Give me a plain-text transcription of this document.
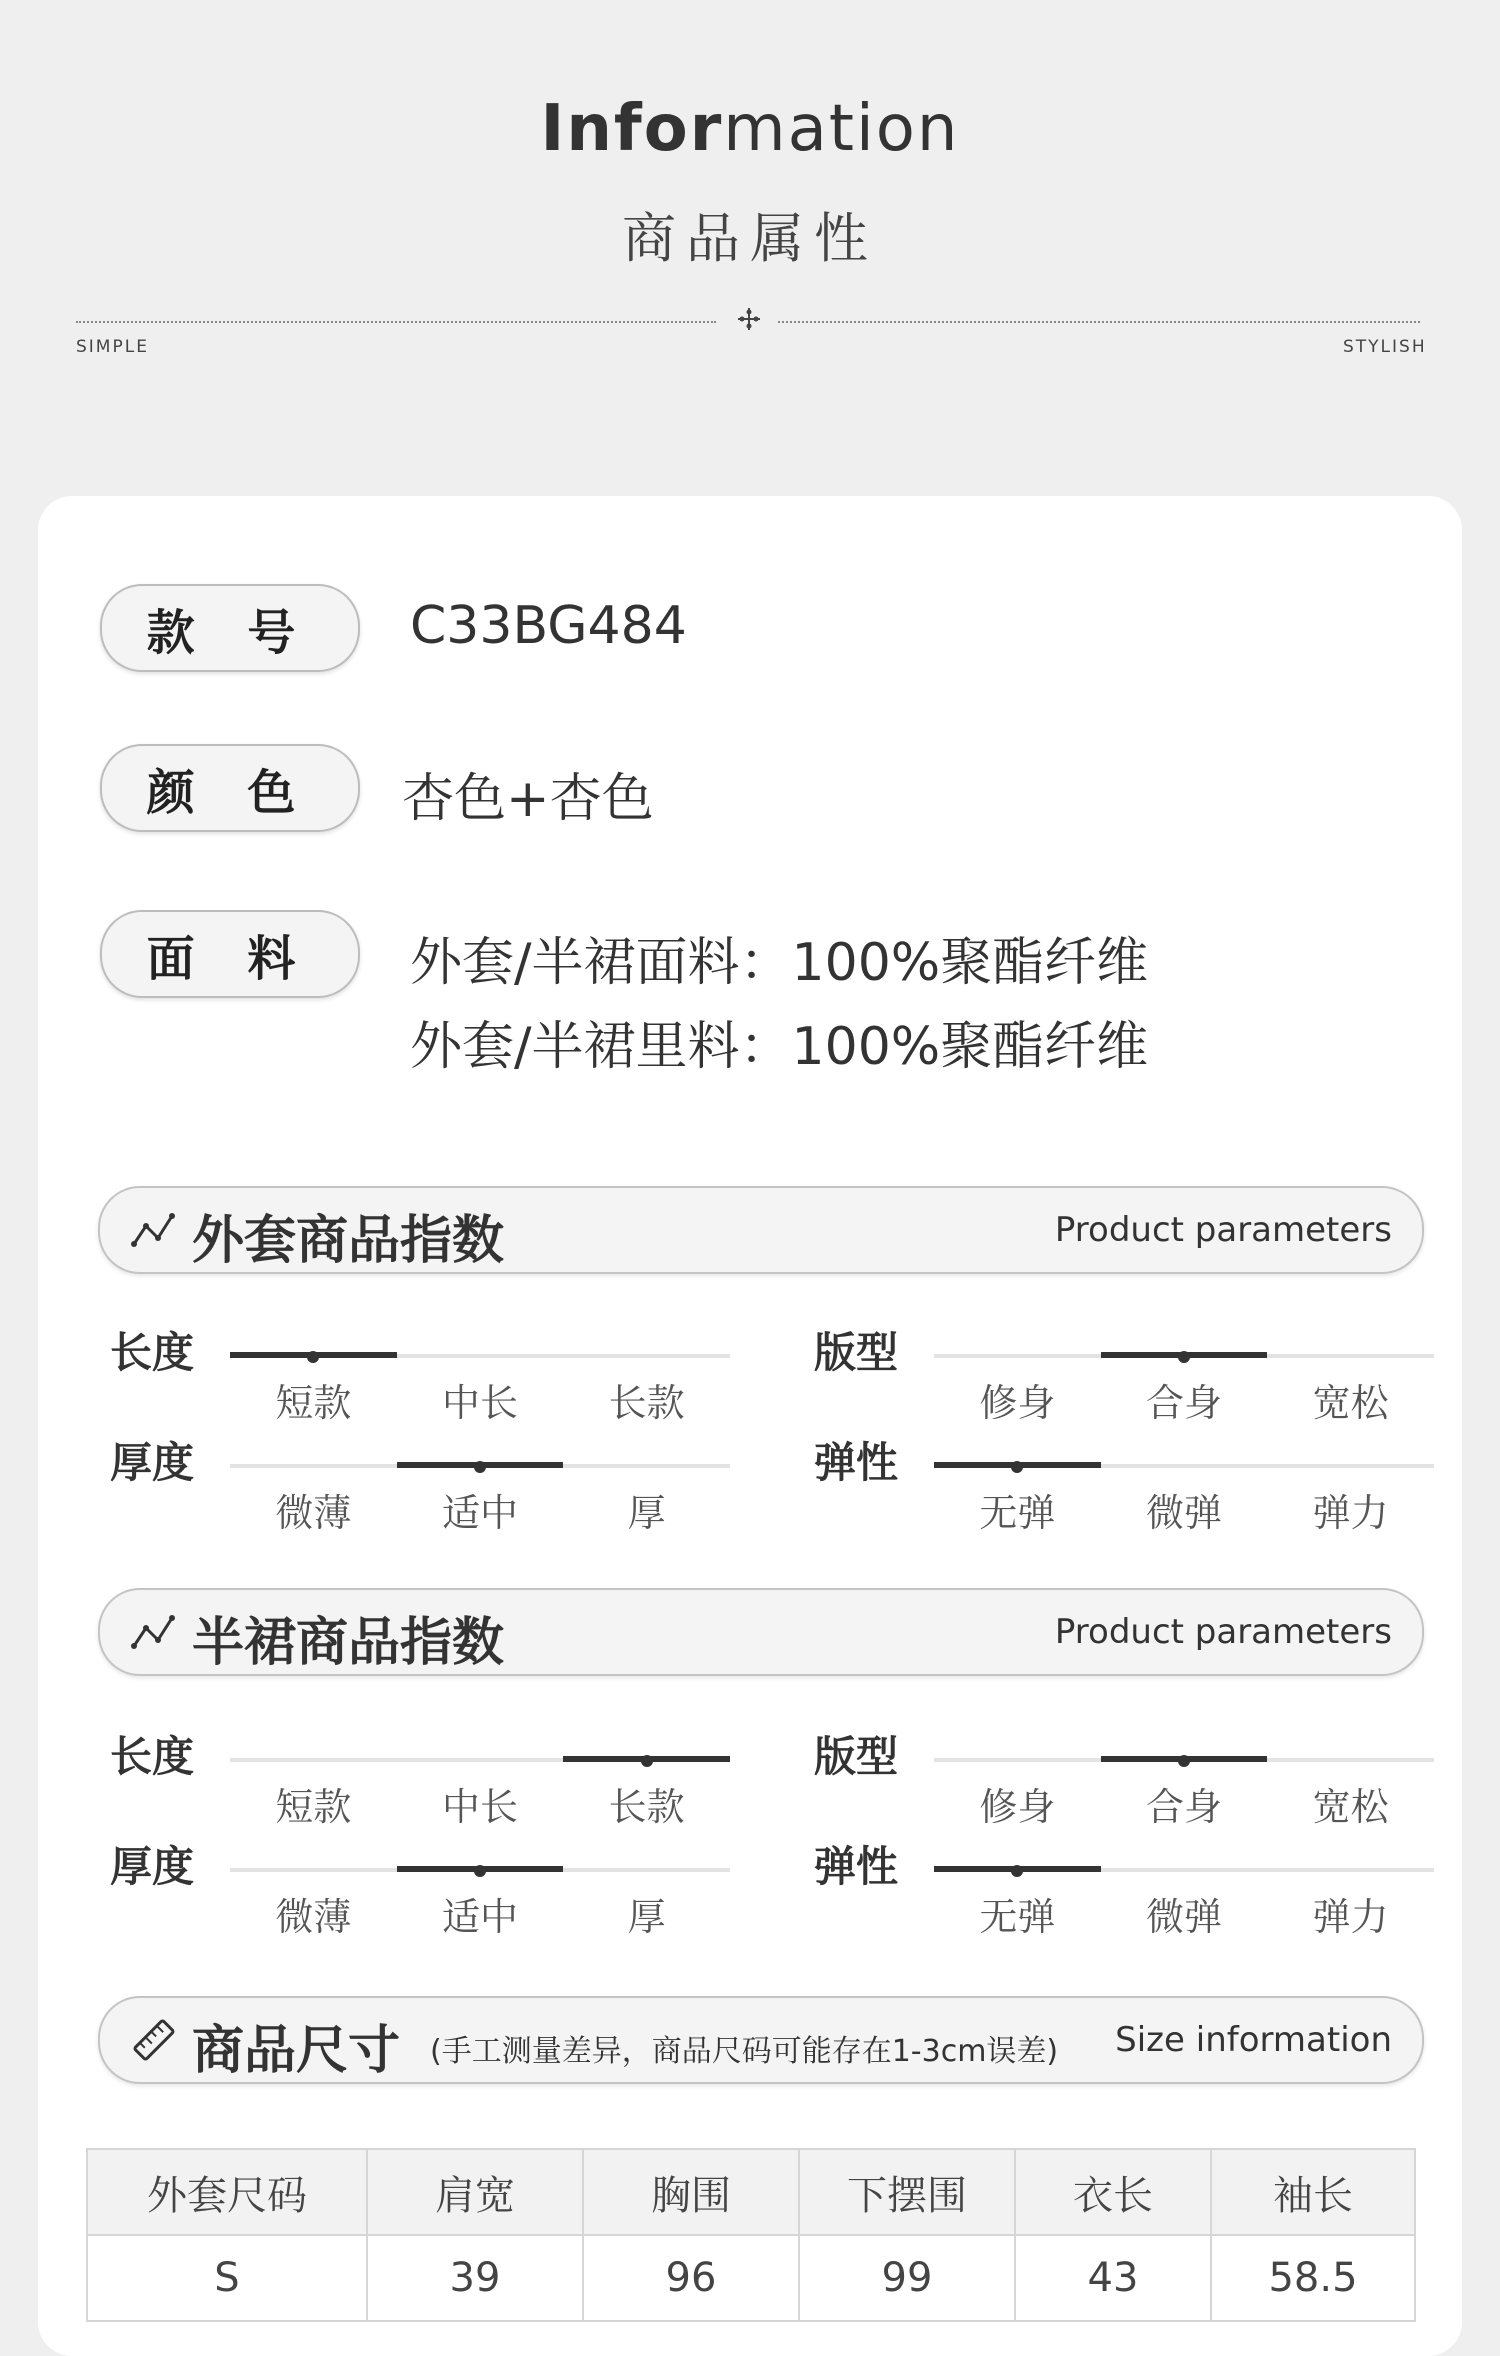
Information
商品属性
SIMPLE	STYLISH
款 号	C33BG484
颜 色	杏色+杏色
面 料	外套/半裙面料：100%聚酯纤维
外套/半裙里料：100%聚酯纤维
外套商品指数	Product parameters
半裙商品指数	Product parameters
商品尺寸 (手工测量差异，商品尺码可能存在1-3cm误差) Size information
外套尺码	肩宽	胸围	下摆围	衣长	袖长
S	39	96	99	43	58.5
长度
短款	中长	长款
版型
修身	合身	宽松
厚度
微薄	适中	厚
弹性
无弹	微弹	弹力
长度
短款	中长	长款
版型
修身	合身	宽松
厚度
微薄	适中	厚
弹性
无弹	微弹	弹力
